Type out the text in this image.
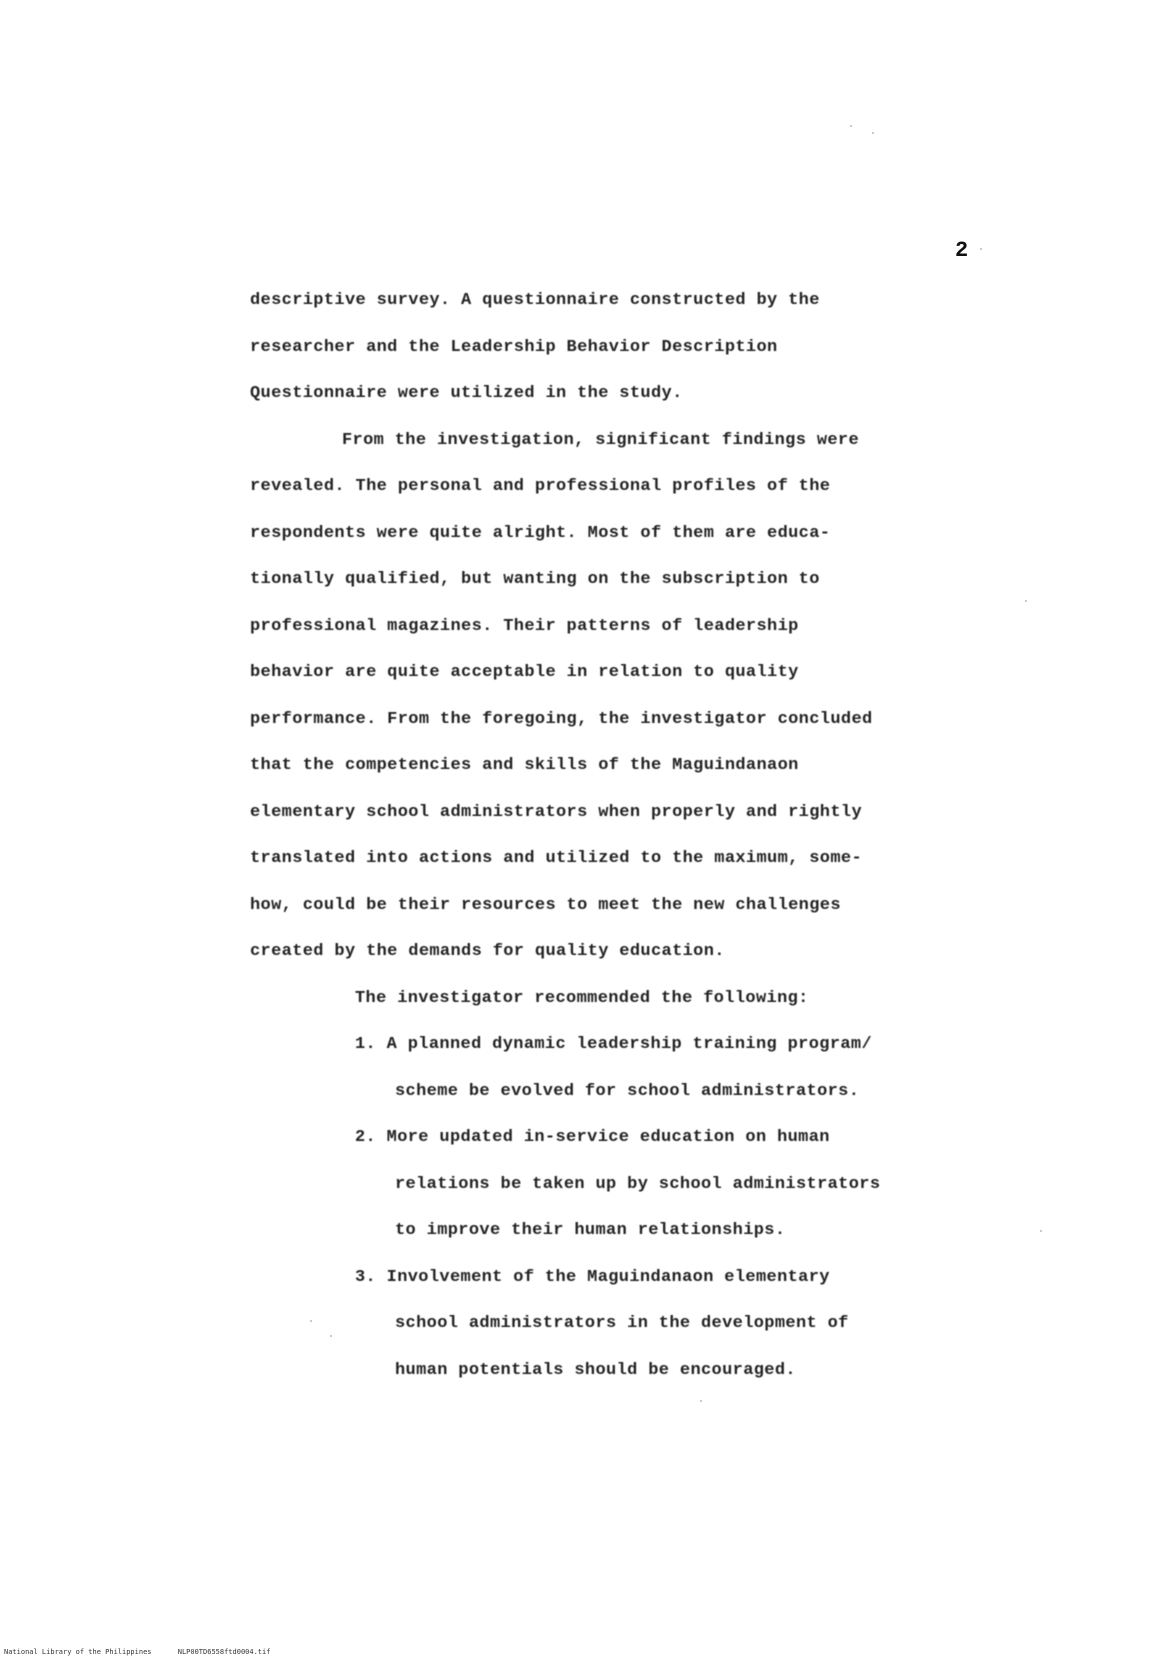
2
descriptive survey. A questionnaire constructed by the
researcher and the Leadership Behavior Description
Questionnaire were utilized in the study.
From the investigation, significant findings were
revealed. The personal and professional profiles of the
respondents were quite alright. Most of them are educa-
tionally qualified, but wanting on the subscription to
professional magazines. Their patterns of leadership
behavior are quite acceptable in relation to quality
performance. From the foregoing, the investigator concluded
that the competencies and skills of the Maguindanaon
elementary school administrators when properly and rightly
translated into actions and utilized to the maximum, some-
how, could be their resources to meet the new challenges
created by the demands for quality education.
The investigator recommended the following:
1. A planned dynamic leadership training program/
scheme be evolved for school administrators.
2. More updated in-service education on human
relations be taken up by school administrators
to improve their human relationships.
3. Involvement of the Maguindanaon elementary
school administrators in the development of
human potentials should be encouraged.
National Library of the Philippines	NLP00TD6558ftd0004.tif
